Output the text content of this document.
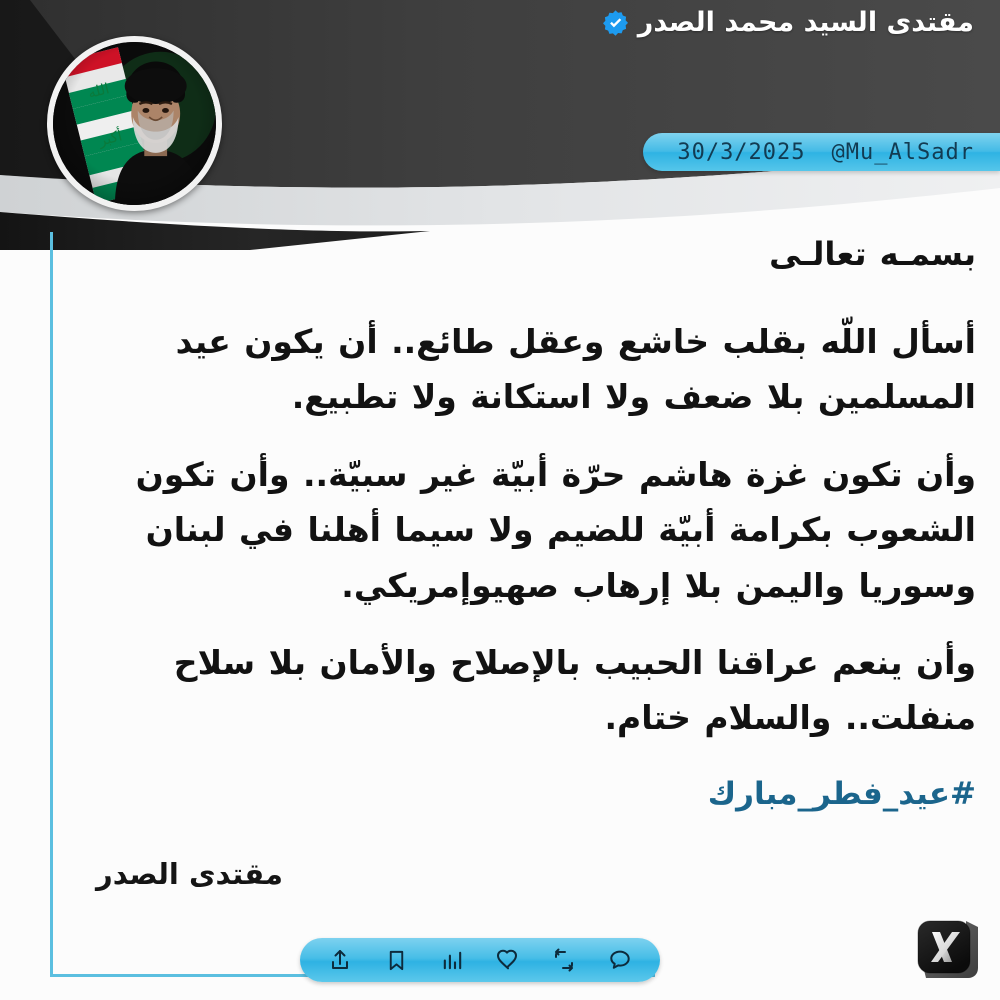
مقتدى السيد محمد الصدر
30/3/2025 @Mu_AlSadr

بسمـه تعالـى

أسأل اللّه بقلب خاشع وعقل طائع.. أن يكون عيد المسلمين بلا ضعف ولا استكانة ولا تطبيع.

وأن تكون غزة هاشم حرّة أبيّة غير سبيّة.. وأن تكون الشعوب بكرامة أبيّة للضيم ولا سيما أهلنا في لبنان وسوريا واليمن بلا إرهاب صهيوإمريكي.

وأن ينعم عراقنا الحبيب بالإصلاح والأمان بلا سلاح منفلت.. والسلام ختام.

#عيد_فطر_مبارك

مقتدى الصدر
